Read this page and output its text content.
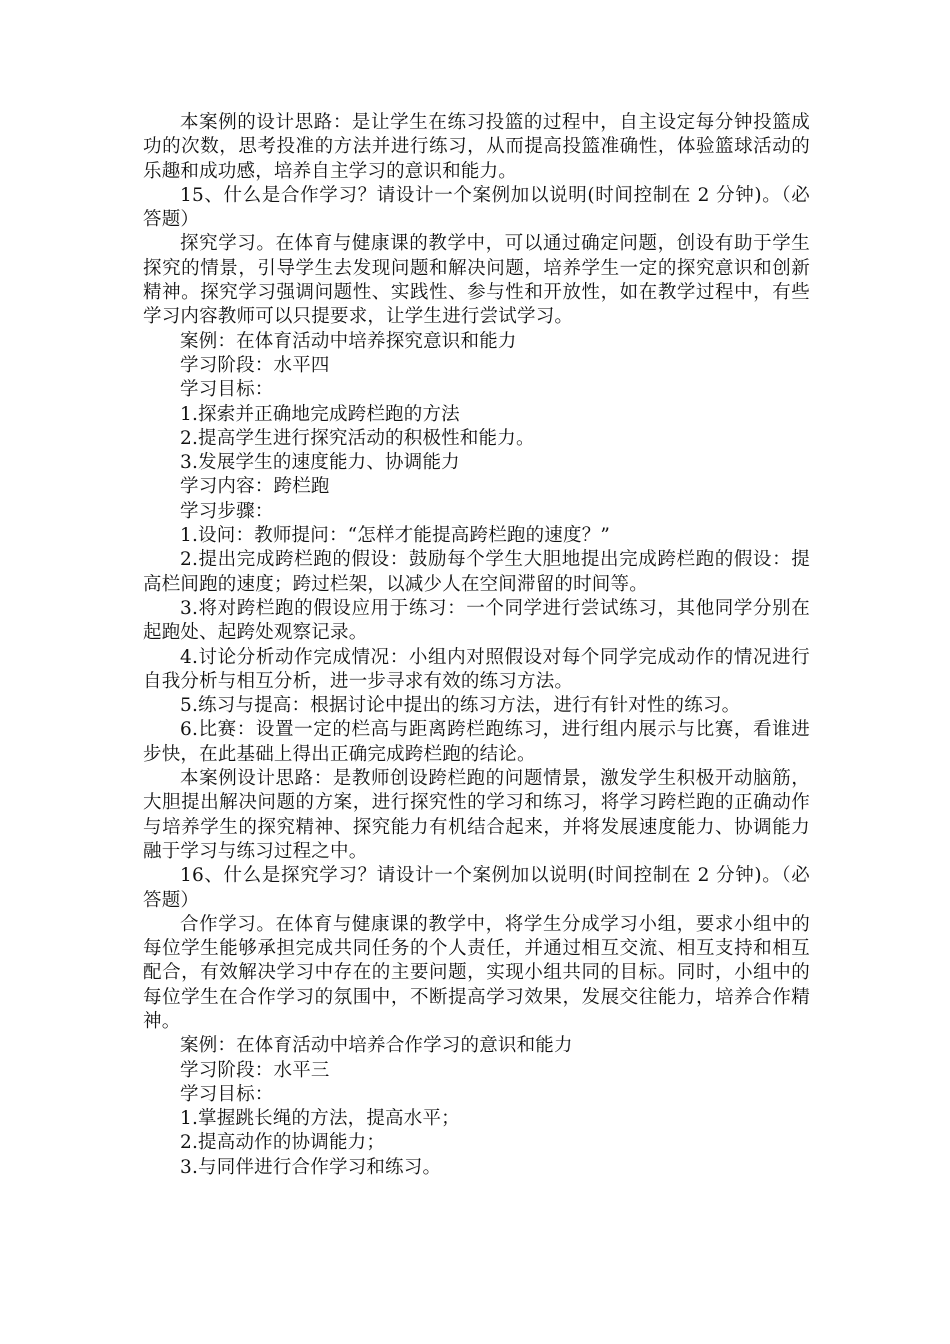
本案例的设计思路：是让学生在练习投篮的过程中，自主设定每分钟投篮成功的次数，思考投准的方法并进行练习，从而提高投篮准确性，体验篮球活动的乐趣和成功感，培养自主学习的意识和能力。

15、什么是合作学习？请设计一个案例加以说明(时间控制在 2 分钟)。（必答题）

探究学习。在体育与健康课的教学中，可以通过确定问题，创设有助于学生探究的情景，引导学生去发现问题和解决问题，培养学生一定的探究意识和创新精神。探究学习强调问题性、实践性、参与性和开放性，如在教学过程中，有些学习内容教师可以只提要求，让学生进行尝试学习。

案例：在体育活动中培养探究意识和能力

学习阶段：水平四

学习目标：

1.探索并正确地完成跨栏跑的方法

2.提高学生进行探究活动的积极性和能力。

3.发展学生的速度能力、协调能力

学习内容：跨栏跑

学习步骤：

1.设问：教师提问：“怎样才能提高跨栏跑的速度？”

2.提出完成跨栏跑的假设：鼓励每个学生大胆地提出完成跨栏跑的假设：提高栏间跑的速度；跨过栏架，以减少人在空间滞留的时间等。

3.将对跨栏跑的假设应用于练习：一个同学进行尝试练习，其他同学分别在起跑处、起跨处观察记录。

4.讨论分析动作完成情况：小组内对照假设对每个同学完成动作的情况进行自我分析与相互分析，进一步寻求有效的练习方法。

5.练习与提高：根据讨论中提出的练习方法，进行有针对性的练习。

6.比赛：设置一定的栏高与距离跨栏跑练习，进行组内展示与比赛，看谁进步快，在此基础上得出正确完成跨栏跑的结论。

本案例设计思路：是教师创设跨栏跑的问题情景，激发学生积极开动脑筋，大胆提出解决问题的方案，进行探究性的学习和练习，将学习跨栏跑的正确动作与培养学生的探究精神、探究能力有机结合起来，并将发展速度能力、协调能力融于学习与练习过程之中。

16、什么是探究学习？请设计一个案例加以说明(时间控制在 2 分钟)。（必答题）

合作学习。在体育与健康课的教学中，将学生分成学习小组，要求小组中的每位学生能够承担完成共同任务的个人责任，并通过相互交流、相互支持和相互配合，有效解决学习中存在的主要问题，实现小组共同的目标。同时，小组中的每位学生在合作学习的氛围中，不断提高学习效果，发展交往能力，培养合作精神。

案例：在体育活动中培养合作学习的意识和能力

学习阶段：水平三

学习目标：

1.掌握跳长绳的方法，提高水平；

2.提高动作的协调能力；

3.与同伴进行合作学习和练习。
